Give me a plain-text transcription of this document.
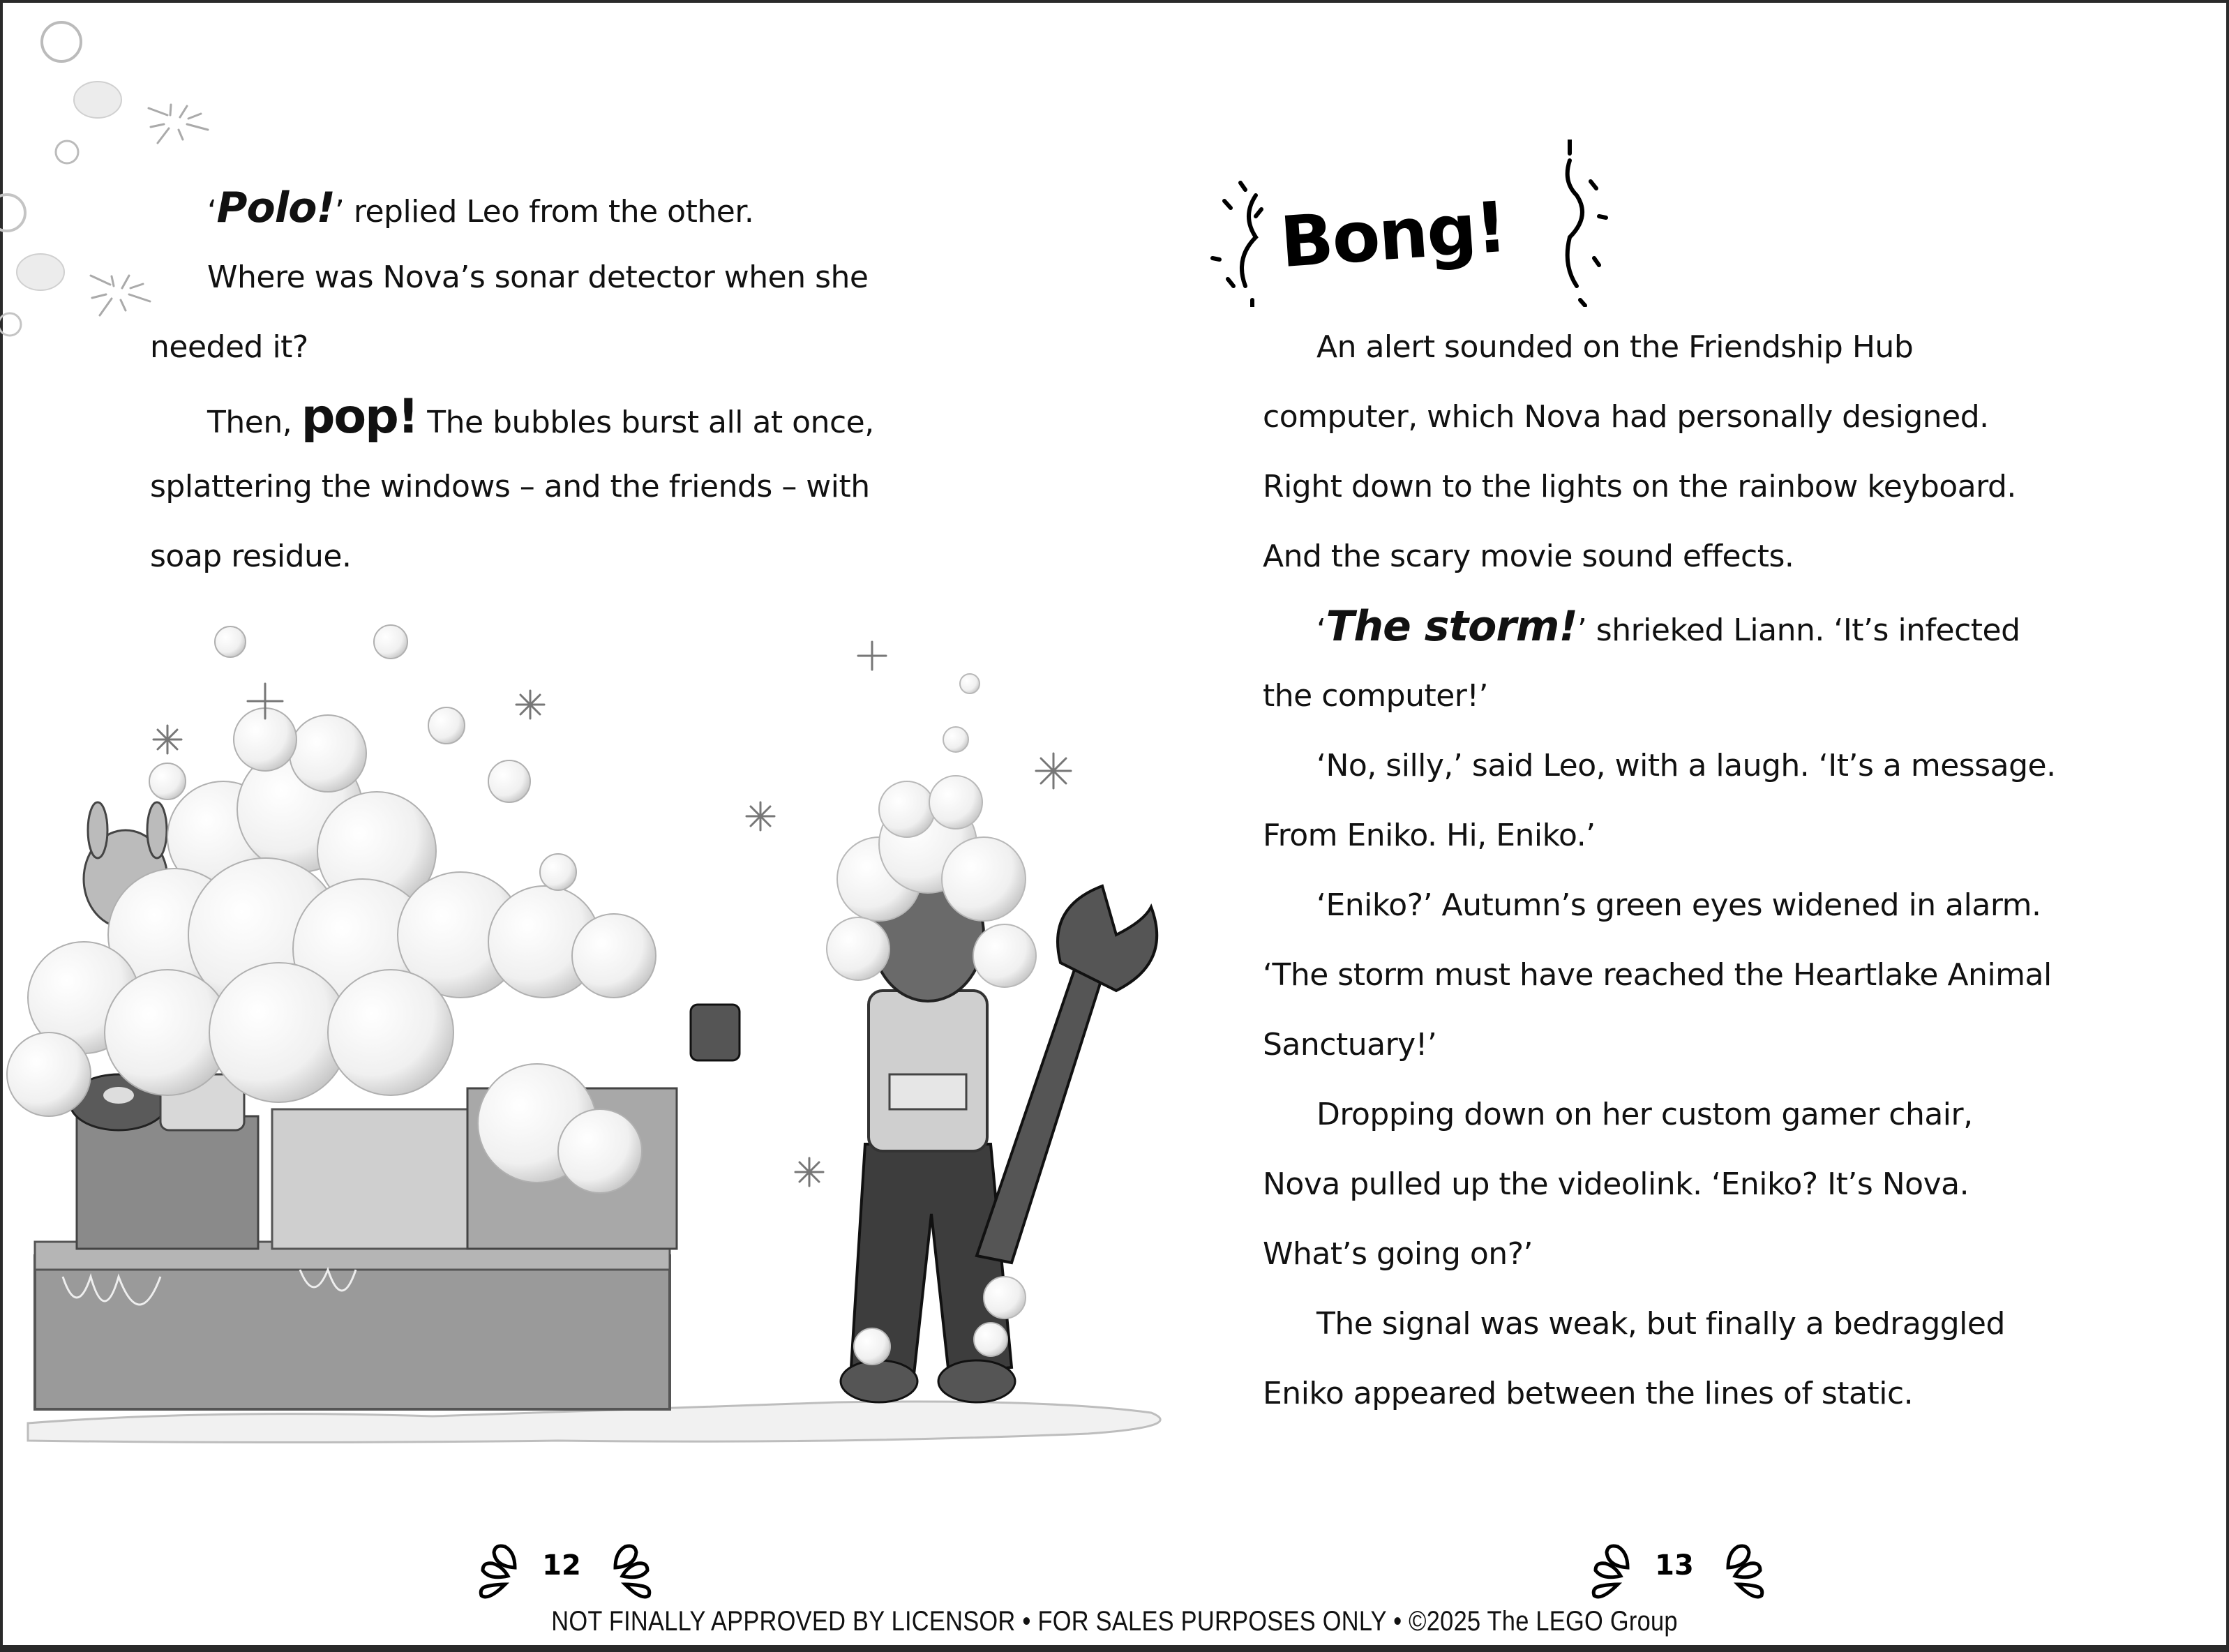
‘Polo!’ replied Leo from the other.
Where was Nova’s sonar detector when she
needed it?
Then, pop! The bubbles burst all at once,
splattering the windows – and the friends – with
soap residue.
12
Bong!
An alert sounded on the Friendship Hub
computer, which Nova had personally designed.
Right down to the lights on the rainbow keyboard.
And the scary movie sound effects.
‘The storm!’ shrieked Liann. ‘It’s infected
the computer!’
‘No, silly,’ said Leo, with a laugh. ‘It’s a message.
From Eniko. Hi, Eniko.’
‘Eniko?’ Autumn’s green eyes widened in alarm.
‘The storm must have reached the Heartlake Animal
Sanctuary!’
Dropping down on her custom gamer chair,
Nova pulled up the videolink. ‘Eniko? It’s Nova.
What’s going on?’
The signal was weak, but finally a bedraggled
Eniko appeared between the lines of static.
13
NOT FINALLY APPROVED BY LICENSOR • FOR SALES PURPOSES ONLY • ©2025 The LEGO Group
